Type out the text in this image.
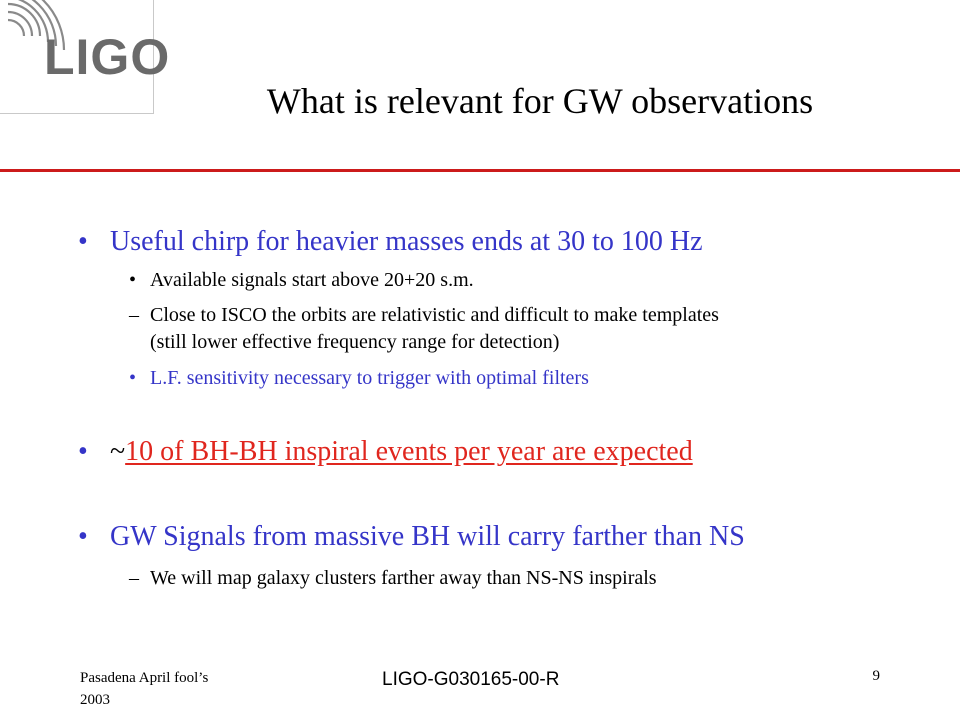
LIGO
What is relevant for GW observations
• Useful chirp for heavier masses ends at 30 to 100 Hz
• Available signals start above 20+20 s.m.
– Close to ISCO the orbits are relativistic and difficult to make templates
(still lower effective frequency range for detection)
• L.F. sensitivity necessary to trigger with optimal filters
• ~10 of BH-BH inspiral events per year are expected
• GW Signals from massive BH will carry farther than NS
– We will map galaxy clusters farther away than NS-NS inspirals
Pasadena April fool’s
2003
LIGO-G030165-00-R	9
